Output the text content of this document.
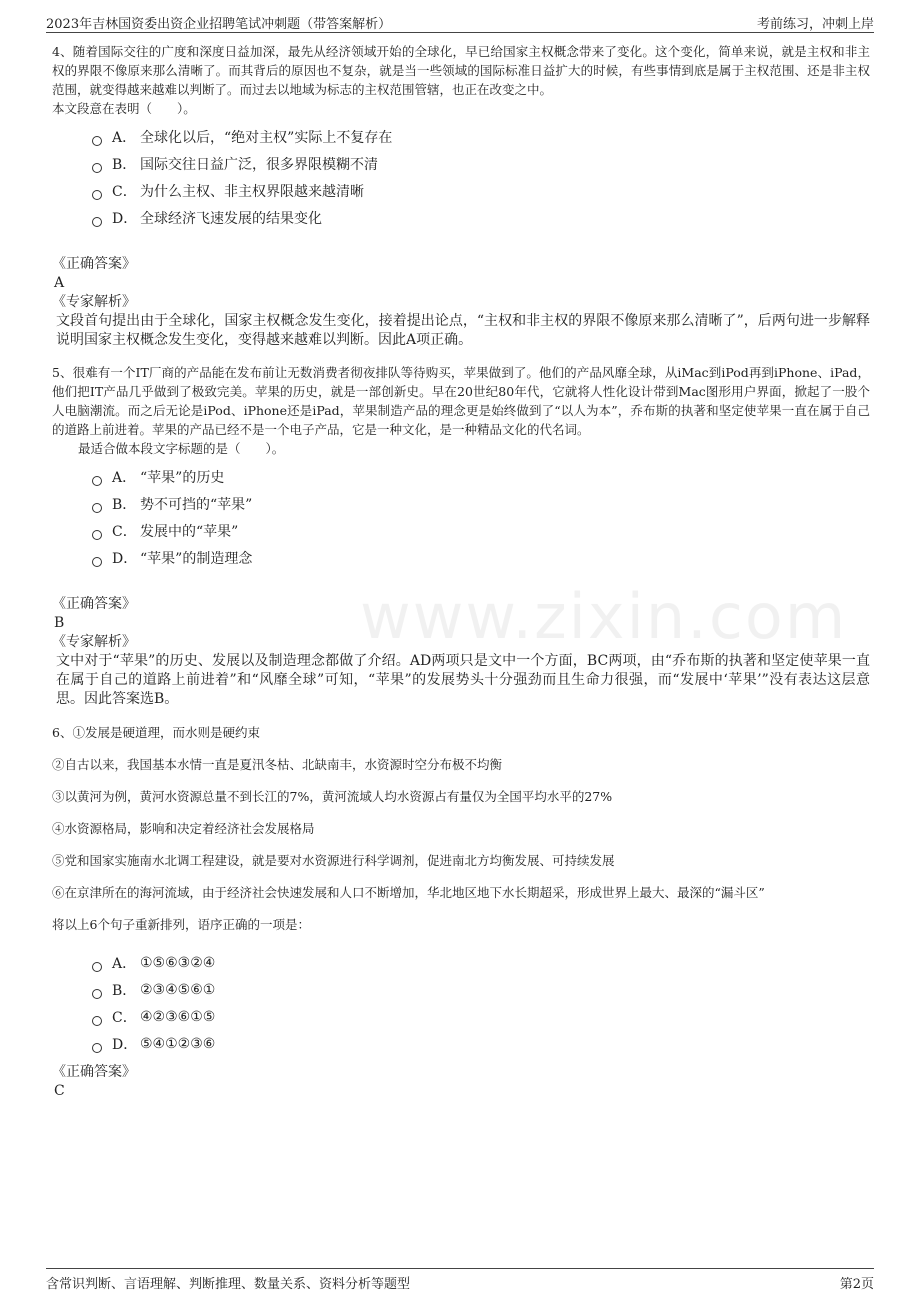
2023年吉林国资委出资企业招聘笔试冲刺题（带答案解析）	考前练习，冲刺上岸
www.zixin.com

4、随着国际交往的广度和深度日益加深，最先从经济领域开始的全球化，早已给国家主权概念带来了变化。这个变化，简单来说，就是主权和非主权的界限不像原来那么清晰了。而其背后的原因也不复杂，就是当一些领域的国际标准日益扩大的时候，有些事情到底是属于主权范围、还是非主权范围，就变得越来越难以判断了。而过去以地域为标志的主权范围管辖，也正在改变之中。

本文段意在表明（　　）。

A． 全球化以后，“绝对主权”实际上不复存在
B． 国际交往日益广泛，很多界限模糊不清
C． 为什么主权、非主权界限越来越清晰
D． 全球经济飞速发展的结果变化

《正确答案》

A

《专家解析》

文段首句提出由于全球化，国家主权概念发生变化，接着提出论点，“主权和非主权的界限不像原来那么清晰了”，后两句进一步解释说明国家主权概念发生变化，变得越来越难以判断。因此A项正确。

5、很难有一个IT厂商的产品能在发布前让无数消费者彻夜排队等待购买，苹果做到了。他们的产品风靡全球，从iMac到iPod再到iPhone、iPad，他们把IT产品几乎做到了极致完美。苹果的历史，就是一部创新史。早在20世纪80年代，它就将人性化设计带到Mac图形用户界面，掀起了一股个人电脑潮流。而之后无论是iPod、iPhone还是iPad，苹果制造产品的理念更是始终做到了“以人为本”，乔布斯的执著和坚定使苹果一直在属于自己的道路上前进着。苹果的产品已经不是一个电子产品，它是一种文化，是一种精品文化的代名词。

最适合做本段文字标题的是（　　）。

A． “苹果”的历史
B． 势不可挡的“苹果”
C． 发展中的“苹果”
D． “苹果”的制造理念

《正确答案》

B

《专家解析》

文中对于“苹果”的历史、发展以及制造理念都做了介绍。AD两项只是文中一个方面，BC两项，由“乔布斯的执著和坚定使苹果一直在属于自己的道路上前进着”和“风靡全球”可知，“苹果”的发展势头十分强劲而且生命力很强，而“发展中‘苹果’”没有表达这层意思。因此答案选B。

6、①发展是硬道理，而水则是硬约束

②自古以来，我国基本水情一直是夏汛冬枯、北缺南丰，水资源时空分布极不均衡

③以黄河为例，黄河水资源总量不到长江的7%，黄河流域人均水资源占有量仅为全国平均水平的27%

④水资源格局，影响和决定着经济社会发展格局

⑤党和国家实施南水北调工程建设，就是要对水资源进行科学调剂，促进南北方均衡发展、可持续发展

⑥在京津所在的海河流域，由于经济社会快速发展和人口不断增加，华北地区地下水长期超采，形成世界上最大、最深的“漏斗区”

将以上6个句子重新排列，语序正确的一项是：

A． ①⑤⑥③②④
B． ②③④⑤⑥①
C． ④②③⑥①⑤
D． ⑤④①②③⑥

《正确答案》

C

含常识判断、言语理解、判断推理、数量关系、资料分析等题型	第2页
